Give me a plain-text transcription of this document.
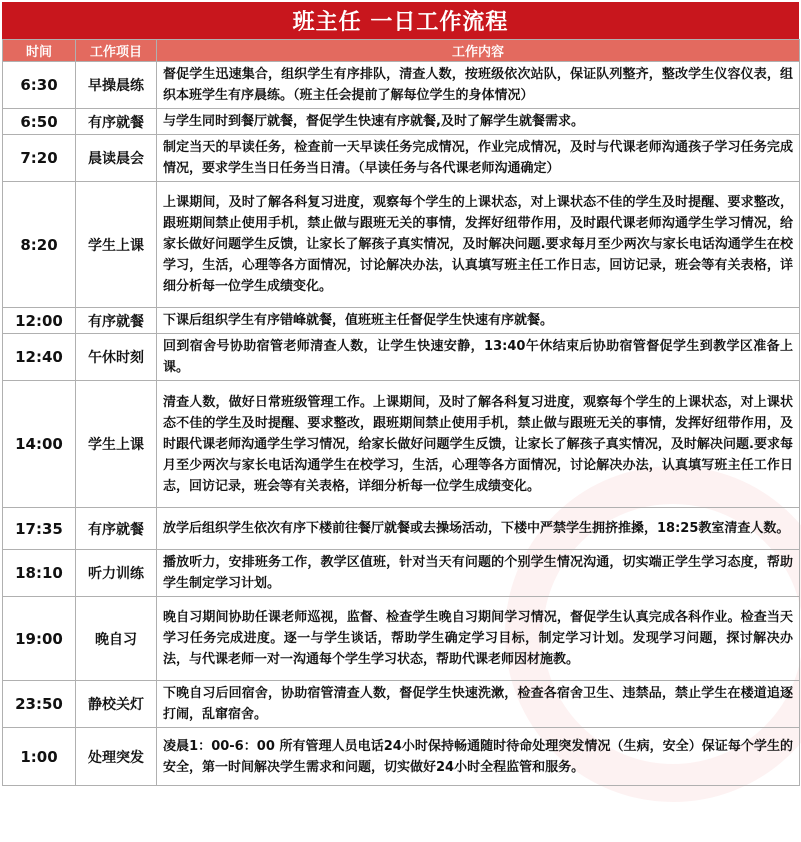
班主任 一日工作流程
时间	工作项目	工作内容
6:30	早操晨练	督促学生迅速集合，组织学生有序排队，清查人数，按班级依次站队，保证队列整齐，整改学生仪容仪表，组织本班学生有序晨练。（班主任会提前了解每位学生的身体情况）
6:50	有序就餐	与学生同时到餐厅就餐，督促学生快速有序就餐,及时了解学生就餐需求。
7:20	晨读晨会	制定当天的早读任务，检查前一天早读任务完成情况，作业完成情况，及时与代课老师沟通孩子学习任务完成情况，要求学生当日任务当日清。（早读任务与各代课老师沟通确定）
8:20	学生上课	上课期间，及时了解各科复习进度，观察每个学生的上课状态，对上课状态不佳的学生及时提醒、要求整改，跟班期间禁止使用手机，禁止做与跟班无关的事情，发挥好纽带作用，及时跟代课老师沟通学生学习情况，给家长做好问题学生反馈，让家长了解孩子真实情况，及时解决问题.要求每月至少两次与家长电话沟通学生在校学习，生活，心理等各方面情况，讨论解决办法，认真填写班主任工作日志，回访记录，班会等有关表格，详细分析每一位学生成绩变化。
12:00	有序就餐	下课后组织学生有序错峰就餐，值班班主任督促学生快速有序就餐。
12:40	午休时刻	回到宿舍号协助宿管老师清查人数，让学生快速安静，13:40午休结束后协助宿管督促学生到教学区准备上课。
14:00	学生上课	清查人数，做好日常班级管理工作。上课期间，及时了解各科复习进度，观察每个学生的上课状态，对上课状态不佳的学生及时提醒、要求整改，跟班期间禁止使用手机，禁止做与跟班无关的事情，发挥好纽带作用，及时跟代课老师沟通学生学习情况，给家长做好问题学生反馈，让家长了解孩子真实情况，及时解决问题.要求每月至少两次与家长电话沟通学生在校学习，生活，心理等各方面情况，讨论解决办法，认真填写班主任工作日志，回访记录，班会等有关表格，详细分析每一位学生成绩变化。
17:35	有序就餐	放学后组织学生依次有序下楼前往餐厅就餐或去操场活动，下楼中严禁学生拥挤推搡，18:25教室清查人数。
18:10	听力训练	播放听力，安排班务工作，教学区值班，针对当天有问题的个别学生情况沟通，切实端正学生学习态度，帮助学生制定学习计划。
19:00	晚自习	晚自习期间协助任课老师巡视，监督、检查学生晚自习期间学习情况，督促学生认真完成各科作业。检查当天学习任务完成进度。逐一与学生谈话，帮助学生确定学习目标，制定学习计划。发现学习问题，探讨解决办法，与代课老师一对一沟通每个学生学习状态，帮助代课老师因材施教。
23:50	静校关灯	下晚自习后回宿舍，协助宿管清查人数，督促学生快速洗漱，检查各宿舍卫生、违禁品，禁止学生在楼道追逐打闹，乱窜宿舍。
1:00	处理突发	凌晨1：00-6：00 所有管理人员电话24小时保持畅通随时待命处理突发情况（生病，安全）保证每个学生的安全，第一时间解决学生需求和问题，切实做好24小时全程监管和服务。
